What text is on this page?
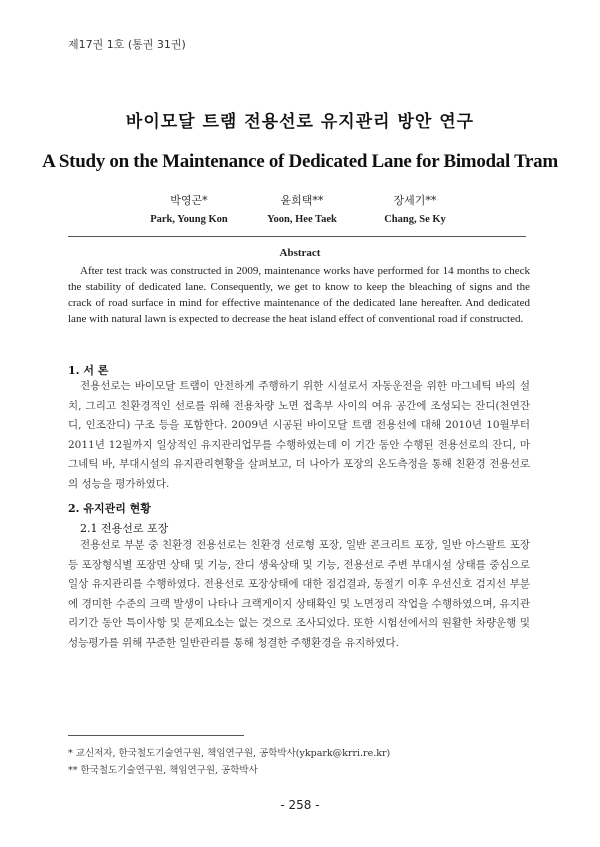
제17권 1호 (통권 31권)
바이모달 트램 전용선로 유지관리 방안 연구
A Study on the Maintenance of Dedicated Lane for Bimodal Tram
박영곤*
Park, Young Kon
윤희택**
Yoon, Hee Taek
장세기**
Chang, Se Ky
Abstract

After test track was constructed in 2009, maintenance works have performed for 14 months to check the stability of dedicated lane. Consequently, we get to know to keep the bleaching of signs and the crack of road surface in mind for effective maintenance of the dedicated lane hereafter. And dedicated lane with natural lawn is expected to decrease the heat island effect of conventional road if constructed.

1. 서 론

전용선로는 바이모달 트램이 안전하게 주행하기 위한 시설로서 자동운전을 위한 마그네틱 바의 설치, 그리고 친환경적인 선로를 위해 전용차량 노면 접촉부 사이의 여유 공간에 조성되는 잔디(천연잔디, 인조잔디) 구조 등을 포함한다. 2009년 시공된 바이모달 트램 전용선에 대해 2010년 10월부터 2011년 12월까지 일상적인 유지관리업무를 수행하였는데 이 기간 동안 수행된 전용선로의 잔디, 마그네틱 바, 부대시설의 유지관리현황을 살펴보고, 더 나아가 포장의 온도측정을 통해 친환경 전용선로의 성능을 평가하였다.

2. 유지관리 현황
2.1 전용선로 포장

전용선로 부분 중 친환경 전용선로는 친환경 선로형 포장, 일반 콘크리트 포장, 일반 아스팔트 포장 등 포장형식별 포장면 상태 및 기능, 잔디 생육상태 및 기능, 전용선로 주변 부대시설 상태를 중심으로 일상 유지관리를 수행하였다. 전용선로 포장상태에 대한 점검결과, 동절기 이후 우선신호 검지선 부분에 경미한 수준의 크랙 발생이 나타나 크랙게이지 상태확인 및 노면정리 작업을 수행하였으며, 유지관리기간 동안 특이사항 및 문제요소는 없는 것으로 조사되었다. 또한 시험선에서의 원활한 차량운행 및 성능평가를 위해 꾸준한 일반관리를 통해 청결한 주행환경을 유지하였다.

* 교신저자, 한국철도기술연구원, 책임연구원, 공학박사(ykpark@krri.re.kr)
** 한국철도기술연구원, 책임연구원, 공학박사
- 258 -
